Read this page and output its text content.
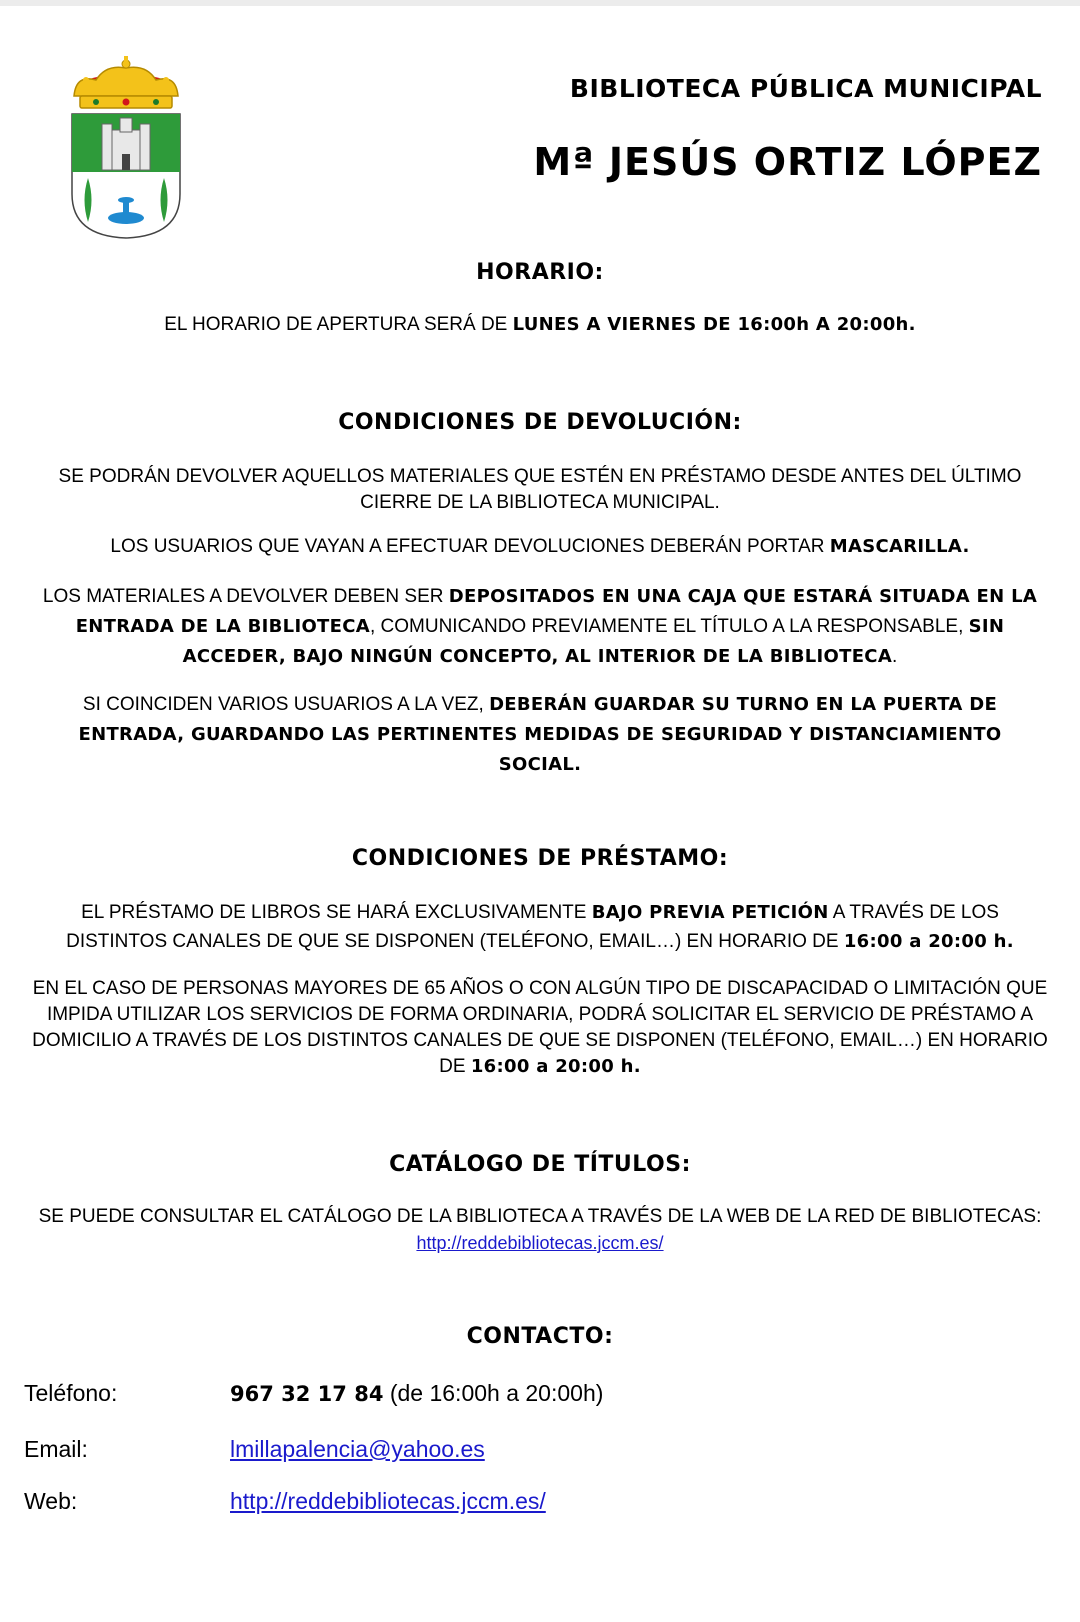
BIBLIOTECA PÚBLICA MUNICIPAL
Mª JESÚS ORTIZ LÓPEZ
HORARIO:
EL HORARIO DE APERTURA SERÁ DE LUNES A VIERNES DE 16:00h A 20:00h.
CONDICIONES DE DEVOLUCIÓN:
SE PODRÁN DEVOLVER AQUELLOS MATERIALES QUE ESTÉN EN PRÉSTAMO DESDE ANTES DEL ÚLTIMO
CIERRE DE LA BIBLIOTECA MUNICIPAL.
LOS USUARIOS QUE VAYAN A EFECTUAR DEVOLUCIONES DEBERÁN PORTAR MASCARILLA.
LOS MATERIALES A DEVOLVER DEBEN SER DEPOSITADOS EN UNA CAJA QUE ESTARÁ SITUADA EN LA ENTRADA DE LA BIBLIOTECA, COMUNICANDO PREVIAMENTE EL TÍTULO A LA RESPONSABLE, SIN ACCEDER, BAJO NINGÚN CONCEPTO, AL INTERIOR DE LA BIBLIOTECA.
SI COINCIDEN VARIOS USUARIOS A LA VEZ, DEBERÁN GUARDAR SU TURNO EN LA PUERTA DE ENTRADA, GUARDANDO LAS PERTINENTES MEDIDAS DE SEGURIDAD Y DISTANCIAMIENTO SOCIAL.
CONDICIONES DE PRÉSTAMO:
EL PRÉSTAMO DE LIBROS SE HARÁ EXCLUSIVAMENTE BAJO PREVIA PETICIÓN A TRAVÉS DE LOS DISTINTOS CANALES DE QUE SE DISPONEN (TELÉFONO, EMAIL…) EN HORARIO DE 16:00 a 20:00 h.
EN EL CASO DE PERSONAS MAYORES DE 65 AÑOS O CON ALGÚN TIPO DE DISCAPACIDAD O LIMITACIÓN QUE IMPIDA UTILIZAR LOS SERVICIOS DE FORMA ORDINARIA, PODRÁ SOLICITAR EL SERVICIO DE PRÉSTAMO A DOMICILIO A TRAVÉS DE LOS DISTINTOS CANALES DE QUE SE DISPONEN (TELÉFONO, EMAIL…) EN HORARIO DE 16:00 a 20:00 h.
CATÁLOGO DE TÍTULOS:
SE PUEDE CONSULTAR EL CATÁLOGO DE LA BIBLIOTECA A TRAVÉS DE LA WEB DE LA RED DE BIBLIOTECAS:
http://reddebibliotecas.jccm.es/
CONTACTO:
Teléfono:	967 32 17 84 (de 16:00h a 20:00h)
Email:	lmillapalencia@yahoo.es
Web:	http://reddebibliotecas.jccm.es/
